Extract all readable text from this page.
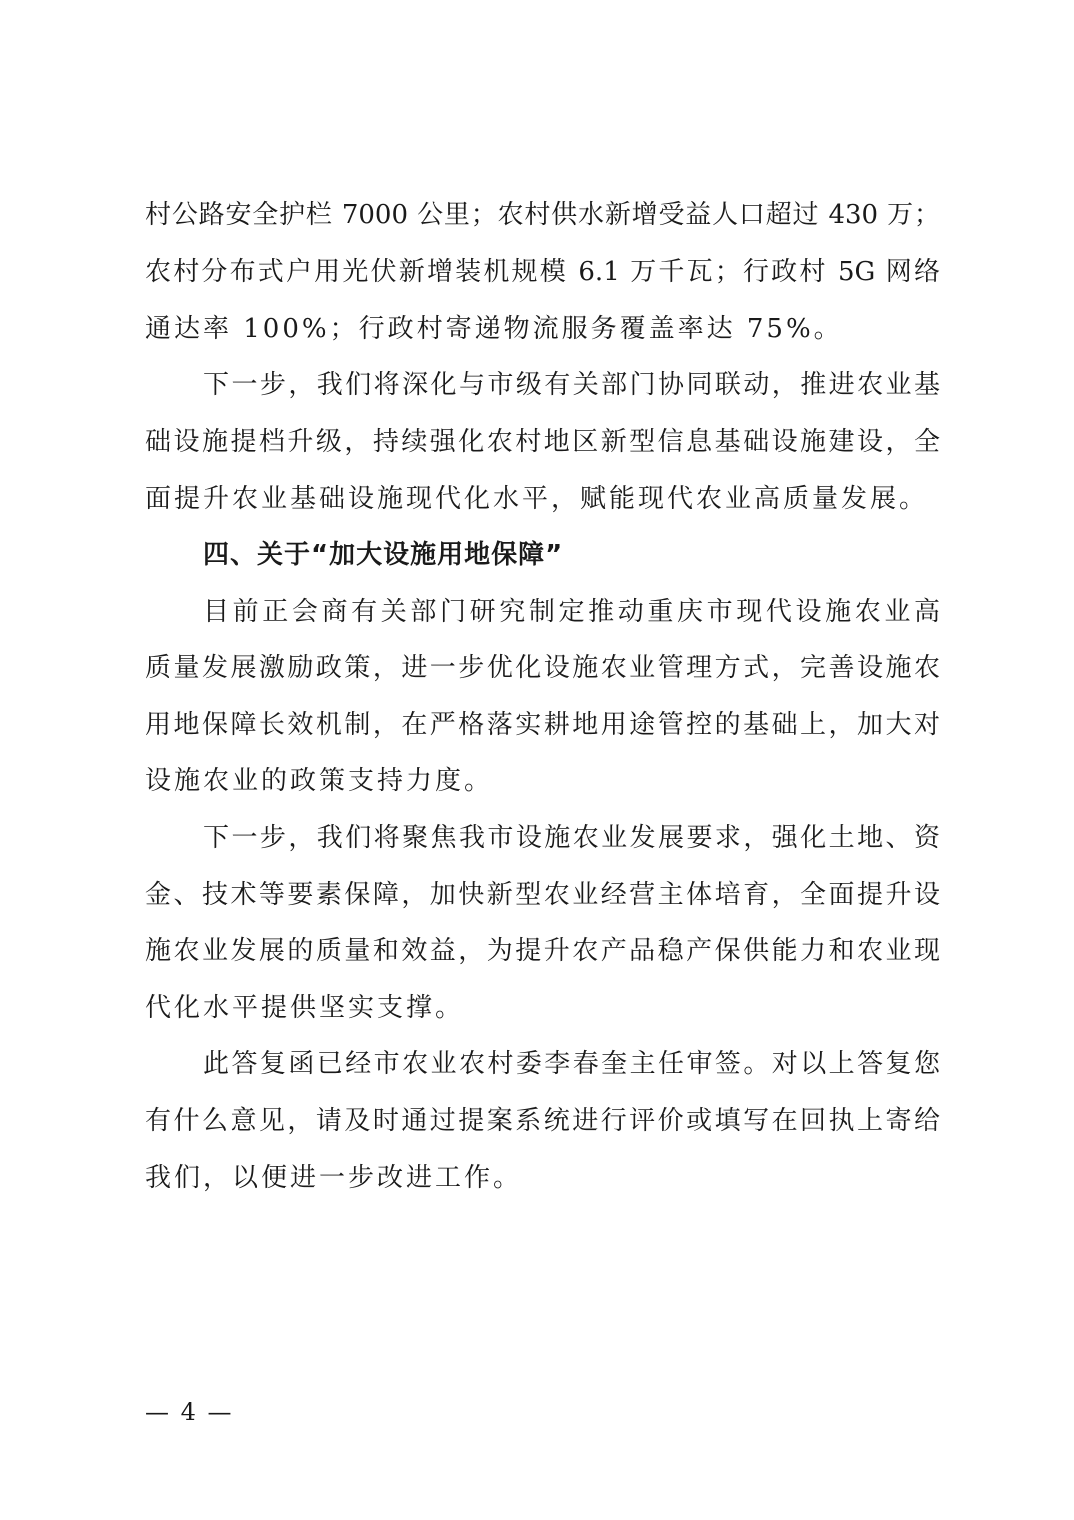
村公路安全护栏 7000 公里；农村供水新增受益人口超过 430 万；
农村分布式户用光伏新增装机规模 6.1 万千瓦；行政村 5G 网络
通达率 100%；行政村寄递物流服务覆盖率达 75%。
下一步，我们将深化与市级有关部门协同联动，推进农业基
础设施提档升级，持续强化农村地区新型信息基础设施建设，全
面提升农业基础设施现代化水平，赋能现代农业高质量发展。
四、关于“加大设施用地保障”
目前正会商有关部门研究制定推动重庆市现代设施农业高
质量发展激励政策，进一步优化设施农业管理方式，完善设施农
用地保障长效机制，在严格落实耕地用途管控的基础上，加大对
设施农业的政策支持力度。
下一步，我们将聚焦我市设施农业发展要求，强化土地、资
金、技术等要素保障，加快新型农业经营主体培育，全面提升设
施农业发展的质量和效益，为提升农产品稳产保供能力和农业现
代化水平提供坚实支撑。
此答复函已经市农业农村委李春奎主任审签。对以上答复您
有什么意见，请及时通过提案系统进行评价或填写在回执上寄给
我们，以便进一步改进工作。
— 4 —
